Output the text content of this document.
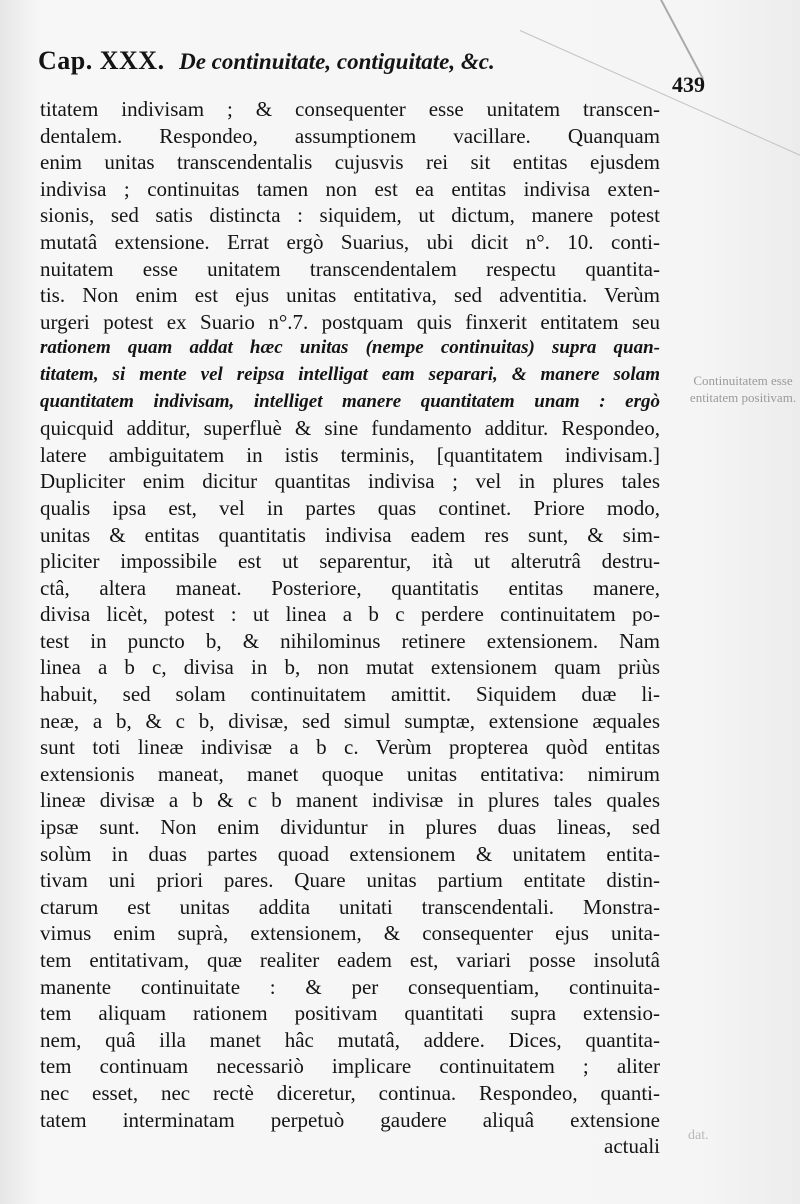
Cap. XXX. De continuitate, contiguitate, &c.
439
titatem indivisam ; & consequenter esse unitatem transcen-
dentalem. Respondeo, assumptionem vacillare. Quanquam
enim unitas transcendentalis cujusvis rei sit entitas ejusdem
indivisa ; continuitas tamen non est ea entitas indivisa exten-
sionis, sed satis distincta : siquidem, ut dictum, manere potest
mutatâ extensione. Errat ergò Suarius, ubi dicit n°. 10. conti-
nuitatem esse unitatem transcendentalem respectu quantita-
tis. Non enim est ejus unitas entitativa, sed adventitia. Verùm
urgeri potest ex Suario n°.7. postquam quis finxerit entitatem seu
rationem quam addat hæc unitas (nempe continuitas) supra quan-
titatem, si mente vel reipsa intelligat eam separari, & manere solam
quantitatem indivisam, intelliget manere quantitatem unam : ergò
quicquid additur, superfluè & sine fundamento additur. Respondeo,
latere ambiguitatem in istis terminis, [quantitatem indivisam.]
Dupliciter enim dicitur quantitas indivisa ; vel in plures tales
qualis ipsa est, vel in partes quas continet. Priore modo,
unitas & entitas quantitatis indivisa eadem res sunt, & sim-
pliciter impossibile est ut separentur, ità ut alterutrâ destru-
ctâ, altera maneat. Posteriore, quantitatis entitas manere,
divisa licèt, potest : ut linea a b c perdere continuitatem po-
test in puncto b, & nihilominus retinere extensionem. Nam
linea a b c, divisa in b, non mutat extensionem quam priùs
habuit, sed solam continuitatem amittit. Siquidem duæ li-
neæ, a b, & c b, divisæ, sed simul sumptæ, extensione æquales
sunt toti lineæ indivisæ a b c. Verùm propterea quòd entitas
extensionis maneat, manet quoque unitas entitativa: nimirum
lineæ divisæ a b & c b manent indivisæ in plures tales quales
ipsæ sunt. Non enim dividuntur in plures duas lineas, sed
solùm in duas partes quoad extensionem & unitatem entita-
tivam uni priori pares. Quare unitas partium entitate distin-
ctarum est unitas addita unitati transcendentali. Monstra-
vimus enim suprà, extensionem, & consequenter ejus unita-
tem entitativam, quæ realiter eadem est, variari posse insolutâ
manente continuitate : & per consequentiam, continuita-
tem aliquam rationem positivam quantitati supra extensio-
nem, quâ illa manet hâc mutatâ, addere. Dices, quantita-
tem continuam necessariò implicare continuitatem ; aliter
nec esset, nec rectè diceretur, continua. Respondeo, quanti-
tatem interminatam perpetuò gaudere aliquâ extensione
actuali
Continuitatem esse entitatem positivam.
dat.
